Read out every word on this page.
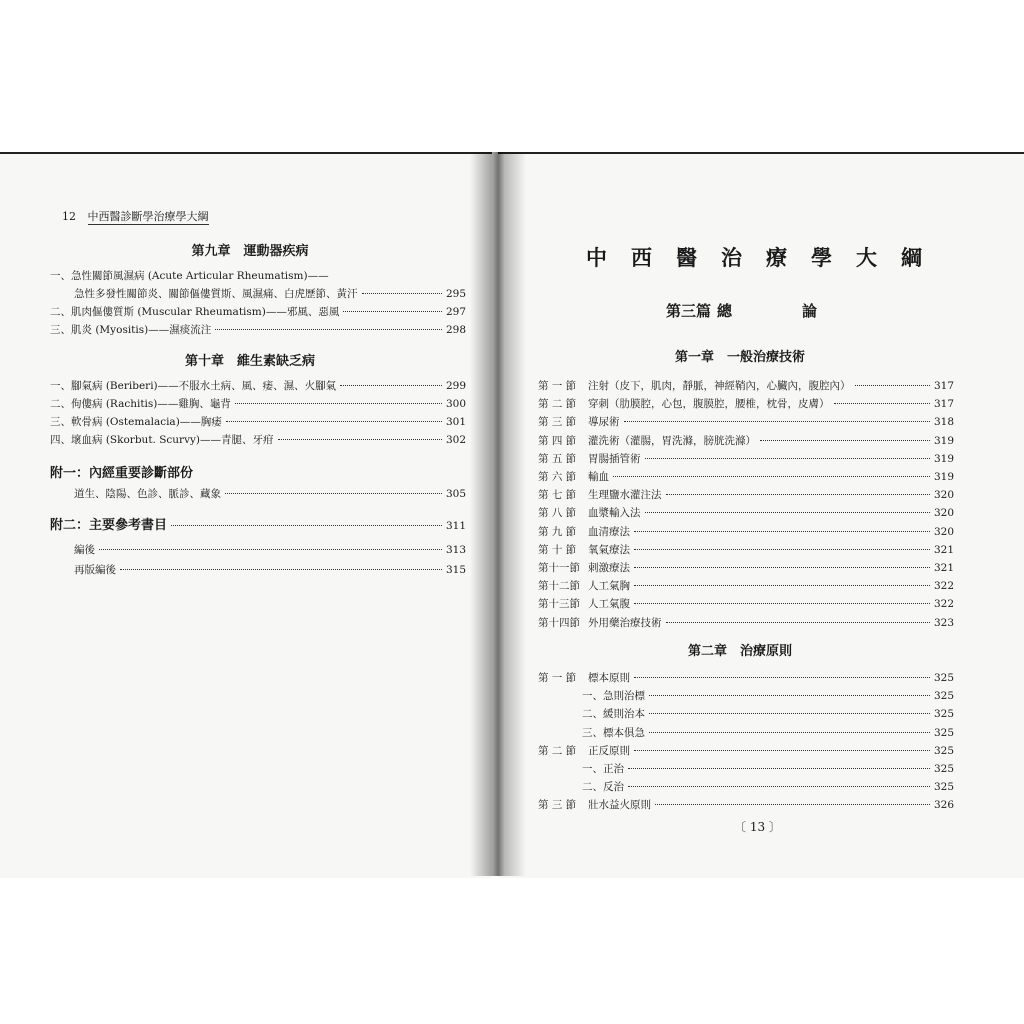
12 中西醫診斷學治療學大綱
第九章　運動器疾病
一、急性關節風濕病 (Acute Articular Rheumatism)——
急性多發性關節炎、關節傴僂質斯、風濕痛、白虎歷節、黃汗	295
二、肌肉傴僂質斯 (Muscular Rheumatism)——邪風、惡風	297
三、肌炎 (Myositis)——濕痰流注	298
第十章　維生素缺乏病
一、腳氣病 (Beriberi)——不服水土病、風、痿、濕、火腳氣	299
二、佝僂病 (Rachitis)——雞胸、龜背	300
三、軟骨病 (Ostemalacia)——胸痿	301
四、壞血病 (Skorbut. Scurvy)——青腿、牙疳	302
附一：內經重要診斷部份
道生、陰陽、色診、脈診、藏象	305
附二：主要參考書目	311
編後	313
再版編後	315
中西醫治療學大綱
第三篇 總	論
第一章　一般治療技術
第 一 節	注射（皮下，肌肉，靜脈，神經鞘內，心臟內，腹腔內）	317
第 二 節	穿刺（肋膜腔，心包，腹膜腔，腰椎，枕骨，皮膚）	317
第 三 節	導尿術	318
第 四 節	灌洗術（灌腸，胃洗滌，膀胱洗滌）	319
第 五 節	胃腸插管術	319
第 六 節	輸血	319
第 七 節	生理鹽水灌注法	320
第 八 節	血漿輸入法	320
第 九 節	血清療法	320
第 十 節	氧氣療法	321
第十一節 刺激療法	321
第十二節 人工氣胸	322
第十三節 人工氣腹	322
第十四節 外用藥治療技術	323
第二章　治療原則
第 一 節	標本原則	325
一、急則治標	325
二、緩則治本	325
三、標本俱急	325
第 二 節	正反原則	325
一、正治	325
二、反治	325
第 三 節	壯水益火原則	326
〔 13 〕
